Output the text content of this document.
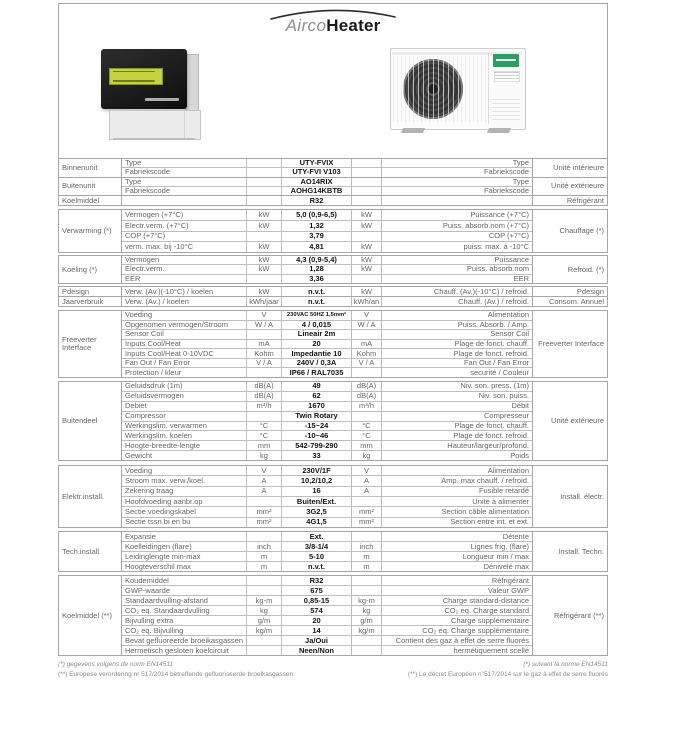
AircoHeater
Binnenunit
Type	UTY-FVIX	Type
Fabriekscode	UTY-FVI V103	Fabriekscode
Unité intérieure
Buitenunit
Type	AO14RIX	Type
Fabriekscode	AOHG14KBTB	Fabriekscode
Unité extérieure
Koelmiddel	R32	Réfrigérant
Verwarming (*)
Vermogen (+7°C)	kW	5,0 (0,9-6,5)	kW	Puissance (+7°C)
Electr.verm. (+7°C)	kW	1,32	kW	Puiss. absorb.nom (+7°C)
COP (+7°C)	3,79	COP (+7°C)
verm. max. bij -10°C	kW	4,81	kW	puiss. max. à -10°C
Chauffage (*)
Koeling (*)
Vermogen	kW	4,3 (0,9-5,4)	kW	Puissance
Electr.verm.	kW	1,28	kW	Puiss. absorb.nom
EER	3,36	EER
Refroid. (*)
Pdesign	Verw. (Av.)(-10°C) / koelen	kW	n.v.t.	kW	Chauff. (Av.)(-10°C) / refroid.	Pdesign
Jaarverbruik	Verw. (Av.) / koelen	kWh/jaar	n.v.t.	kWh/an	Chauff. (Av.) / refroid.	Consom. Annuel
Freeverter Interface
Voeding	V	230VAC 50HZ 1,5mm²	V	Alimentation
Opgenomen vermogen/Stroom	W / A	4 / 0,015	W / A	Puiss. Absorb. / Amp.
Sensor Coil	Lineair 2m	Sensor Coil
Inputs Cool/Heat	mA	20	mA	Plage de fonct. chauff.
Inputs Cool/Heat 0-10VDC	Kohm	Impedantie 10	Kohm	Plage de fonct. refroid.
Fan Out / Fan Error	V / A	240V / 0,3A	V / A	Fan Out / Fan Error
Protection / kleur	IP66 / RAL7035	securité / Couleur
Freeverter Interface
Buitendeel
Geluidsdruk (1m)	dB(A)	49	dB(A)	Niv. son. press. (1m)
Geluidsvermogen	dB(A)	62	dB(A)	Niv. son. puiss.
Debiet	m³/h	1670	m³/h	Débit
Compressor	Twin Rotary	Compresseur
Werkingslim. verwarmen	°C	-15~24	°C	Plage de fonct. chauff.
Werkingslim. koelen	°C	-10~46	°C	Plage de fonct. refroid.
Hoogte-breedte-lengte	mm	542-799-290	mm	Hauteur/largeur/profond.
Gewicht	kg	33	kg	Poids
Unité extérieure
Elektr.install.
Voeding	V	230V/1F	V	Alimentation
Stroom max. verw./koel.	A	10,2/10,2	A	Amp. max chauff. / refroid.
Zekering traag	A	16	A	Fusible retardé
Hoofdvoeding aanbr.op	Buiten/Ext.	Unité à alimenter
Sectie voedingskabel	mm²	3G2,5	mm²	Section câble alimentation
Sectie tssn bi en bu	mm²	4G1,5	mm²	Section entre int. et ext.
Install. électr.
Tech.install.
Expansie	Ext.	Détente
Koelleidingen (flare)	inch	3/8-1/4	inch	Lignes frig. (flare)
Leidinglengte min-max	m	5-10	m	Longueur min / max
Hoogteverschil max	m	n.v.t.	m	Dénivelé max
Install. Techn.
Koelmiddel (**)
Koudemiddel	R32	Réfrigérant
GWP-waarde	675	Valeur GWP
Standaardvulling-afstand	kg-m	0,85-15	kg-m	Charge standard-distance
CO₂ eq. Standaardvulling	kg	574	kg	CO₂ eq. Charge standard
Bijvulling extra	g/m	20	g/m	Charge supplémentaire
CO₂ eq. Bijvulling	kg/m	14	kg/m	CO₂ eq. Charge supplémentaire
Bevat gefluoreerde broeikasgassen	Ja/Oui	Contient des gaz à effet de serre fluorés
Hermetisch gesloten koelcircuit	Neen/Non	hermétiquement scellé
Réfrigérant (**)
(*) gegevens volgens de norm EN14511	(*) suivant la norme EN14511
(**) Europese verordering nr 517/2014 betreffende gefluoriseerde broeikasgassen	(**) Le décret Européen n°517/2014 sur le gaz à effet de serre fluorés
